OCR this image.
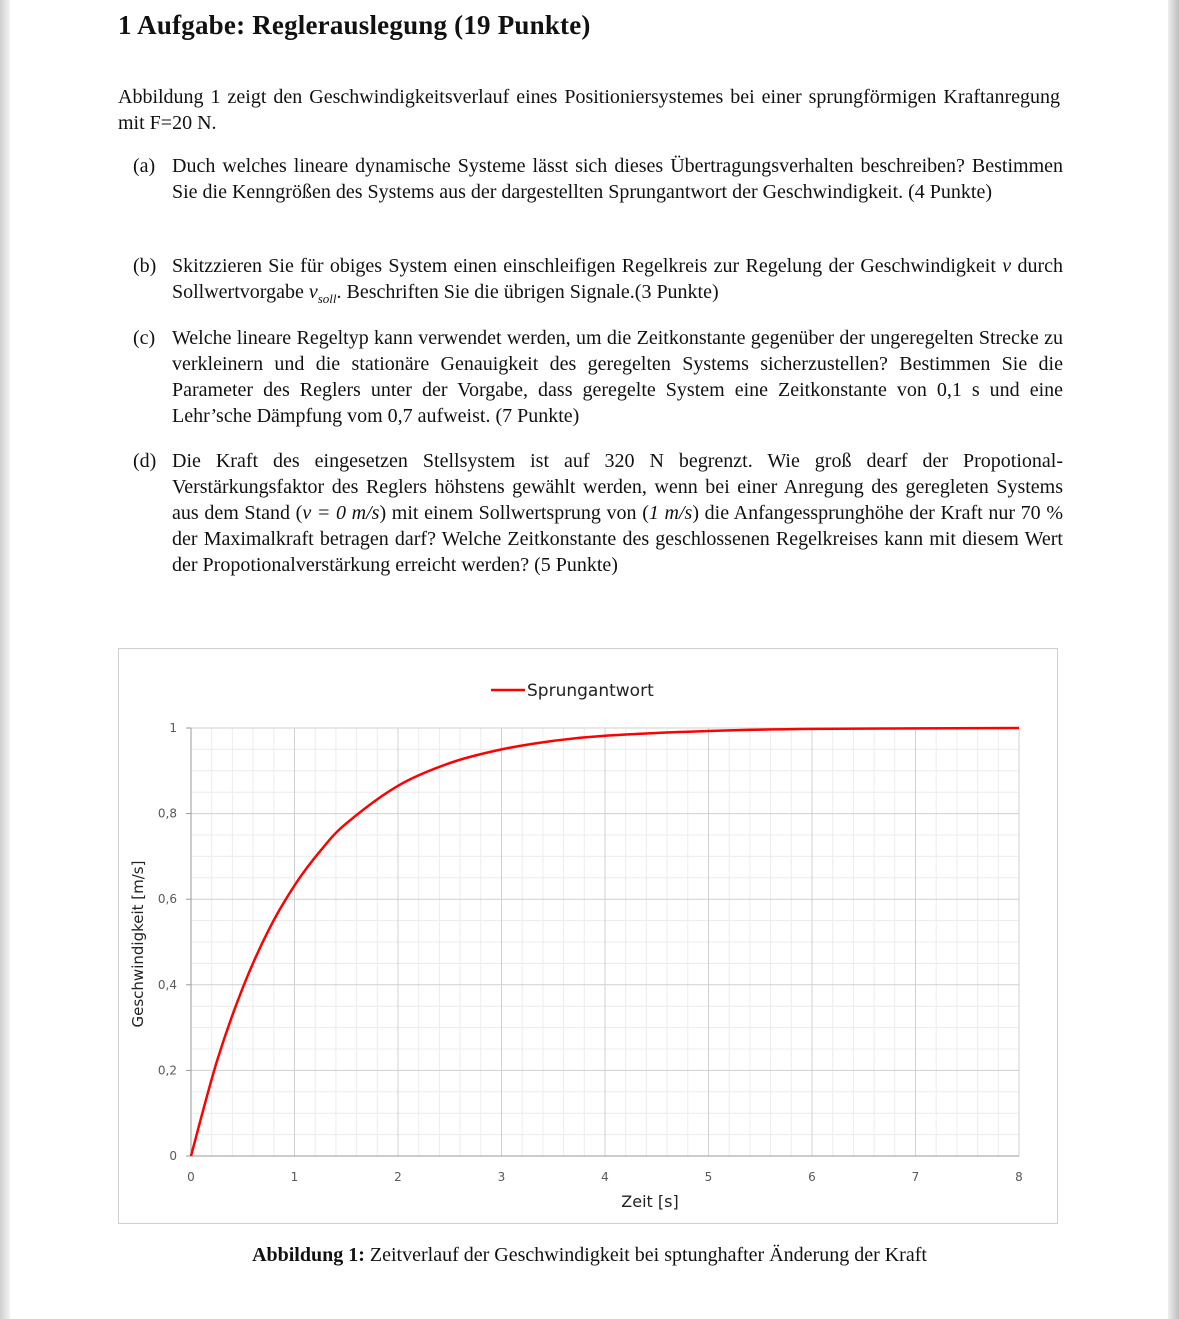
1 Aufgabe: Reglerauslegung (19 Punkte)
Abbildung 1 zeigt den Geschwindigkeitsverlauf eines Positioniersystemes bei einer sprungförmigen Kraftanregung mit F=20 N.
(a) Duch welches lineare dynamische Systeme lässt sich dieses Übertragungsverhalten beschreiben? Bestimmen Sie die Kenngrößen des Systems aus der dargestellten Sprungantwort der Geschwindigkeit. (4 Punkte)
(b) Skitzzieren Sie für obiges System einen einschleifigen Regelkreis zur Regelung der Geschwindigkeit v durch Sollwertvorgabe $v_{soll}$. Beschriften Sie die übrigen Signale.(3 Punkte)
(c) Welche lineare Regeltyp kann verwendet werden, um die Zeitkonstante gegenüber der ungeregelten Strecke zu verkleinern und die stationäre Genauigkeit des geregelten Systems sicherzustellen? Bestimmen Sie die Parameter des Reglers unter der Vorgabe, dass geregelte System eine Zeitkonstante von 0,1 s und eine Lehr’sche Dämpfung vom 0,7 aufweist. (7 Punkte)
(d) Die Kraft des eingesetzen Stellsystem ist auf 320 N begrenzt. Wie groß dearf der Propotional-Verstärkungsfaktor des Reglers höhstens gewählt werden, wenn bei einer Anregung des geregleten Systems aus dem Stand (v = 0 m/s) mit einem Sollwertsprung von (1 m/s) die Anfangessprunghöhe der Kraft nur 70 % der Maximalkraft betragen darf? Welche Zeitkonstante des geschlossenen Regelkreises kann mit diesem Wert der Propotionalverstärkung erreicht werden? (5 Punkte)
0	1	2	3	4	5	6	7	8
0
0,2
0,4
0,6
0,8
1
Zeit [s]
Geschwindigkeit [m/s]
Sprungantwort
Abbildung 1: Zeitverlauf der Geschwindigkeit bei sptunghafter Änderung der Kraft
